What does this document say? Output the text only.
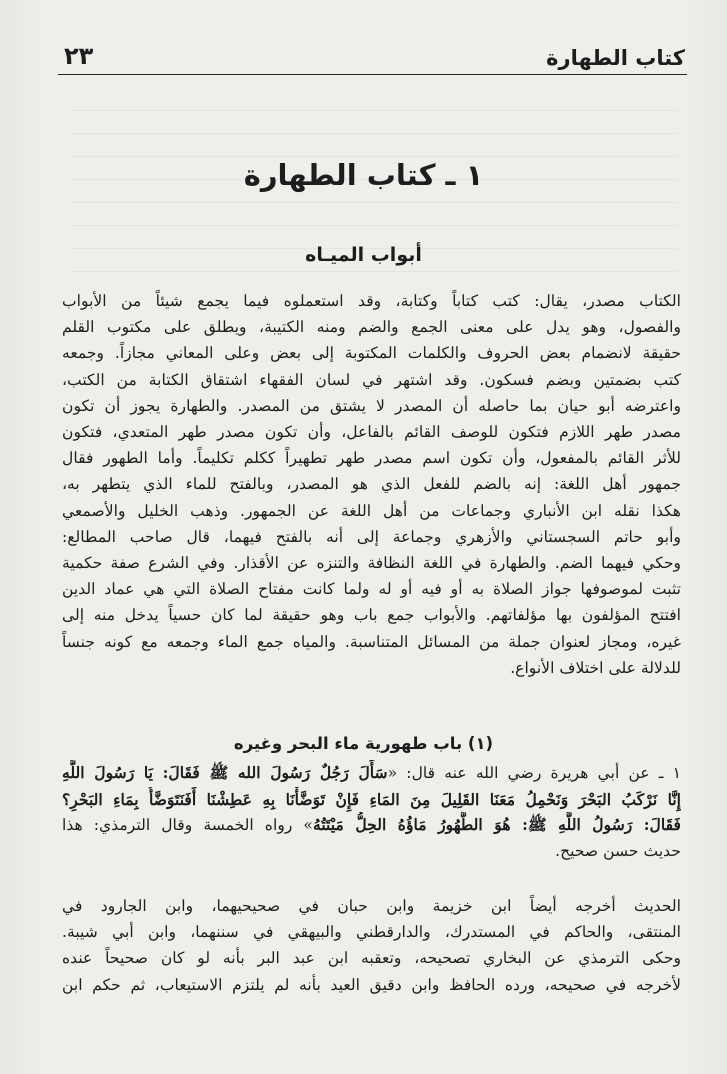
كتاب الطهارة
٢٣
١ ـ كتاب الطهارة
أبواب الميـاه
الكتاب مصدر، يقال: كتب كتاباً وكتابة، وقد استعملوه فيما يجمع شيئاً من الأبواب
والفصول، وهو يدل على معنى الجمع والضم ومنه الكتيبة، ويطلق على مكتوب القلم
حقيقة لانضمام بعض الحروف والكلمات المكتوبة إلى بعض وعلى المعاني مجازاً. وجمعه
كتب بضمتين وبضم فسكون. وقد اشتهر في لسان الفقهاء اشتقاق الكتابة من الكتب،
واعترضه أبو حيان بما حاصله أن المصدر لا يشتق من المصدر. والطهارة يجوز أن تكون
مصدر طهر اللازم فتكون للوصف القائم بالفاعل، وأن تكون مصدر طهر المتعدي، فتكون
للأثر القائم بالمفعول، وأن تكون اسم مصدر طهر تطهيراً ككلم تكليماً. وأما الطهور فقال
جمهور أهل اللغة: إنه بالضم للفعل الذي هو المصدر، وبالفتح للماء الذي يتطهر به،
هكذا نقله ابن الأنباري وجماعات من أهل اللغة عن الجمهور. وذهب الخليل والأصمعي
وأبو حاتم السجستاني والأزهري وجماعة إلى أنه بالفتح فيهما، قال صاحب المطالع:
وحكي فيهما الضم. والطهارة في اللغة النظافة والتنزه عن الأقذار. وفي الشرع صفة حكمية
تثبت لموصوفها جواز الصلاة به أو فيه أو له ولما كانت مفتاح الصلاة التي هي عماد الدين
افتتح المؤلفون بها مؤلفاتهم. والأبواب جمع باب وهو حقيقة لما كان حسياً يدخل منه إلى
غيره، ومجاز لعنوان جملة من المسائل المتناسبة. والمياه جمع الماء وجمعه مع كونه جنساً
للدلالة على اختلاف الأنواع.
(١) باب طهورية ماء البحر وغيره
١ ـ عن أبي هريرة رضي الله عنه قال: «سَأَلَ رَجُلٌ رَسُولَ الله ﷺ فَقَالَ: يَا رَسُولَ اللَّهِ
إِنَّا نَرْكَبُ البَحْرَ وَنَحْمِلُ مَعَنَا القَلِيلَ مِنَ المَاءِ فَإِنْ تَوَضَّأْنَا بِهِ عَطِشْنَا أَفَنَتَوَضَّأُ بِمَاءِ البَحْرِ؟
فَقَالَ: رَسُولُ اللَّهِ ﷺ: هُوَ الطَّهُورُ مَاؤُهُ الحِلُّ مَيْتَتُهُ» رواه الخمسة وقال الترمذي: هذا
حديث حسن صحيح.
الحديث أخرجه أيضاً ابن خزيمة وابن حبان في صحيحيهما، وابن الجارود في
المنتقى، والحاكم في المستدرك، والدارقطني والبيهقي في سننهما، وابن أبي شيبة.
وحكى الترمذي عن البخاري تصحيحه، وتعقبه ابن عبد البر بأنه لو كان صحيحاً عنده
لأخرجه في صحيحه، ورده الحافظ وابن دقيق العيد بأنه لم يلتزم الاستيعاب، ثم حكم ابن
